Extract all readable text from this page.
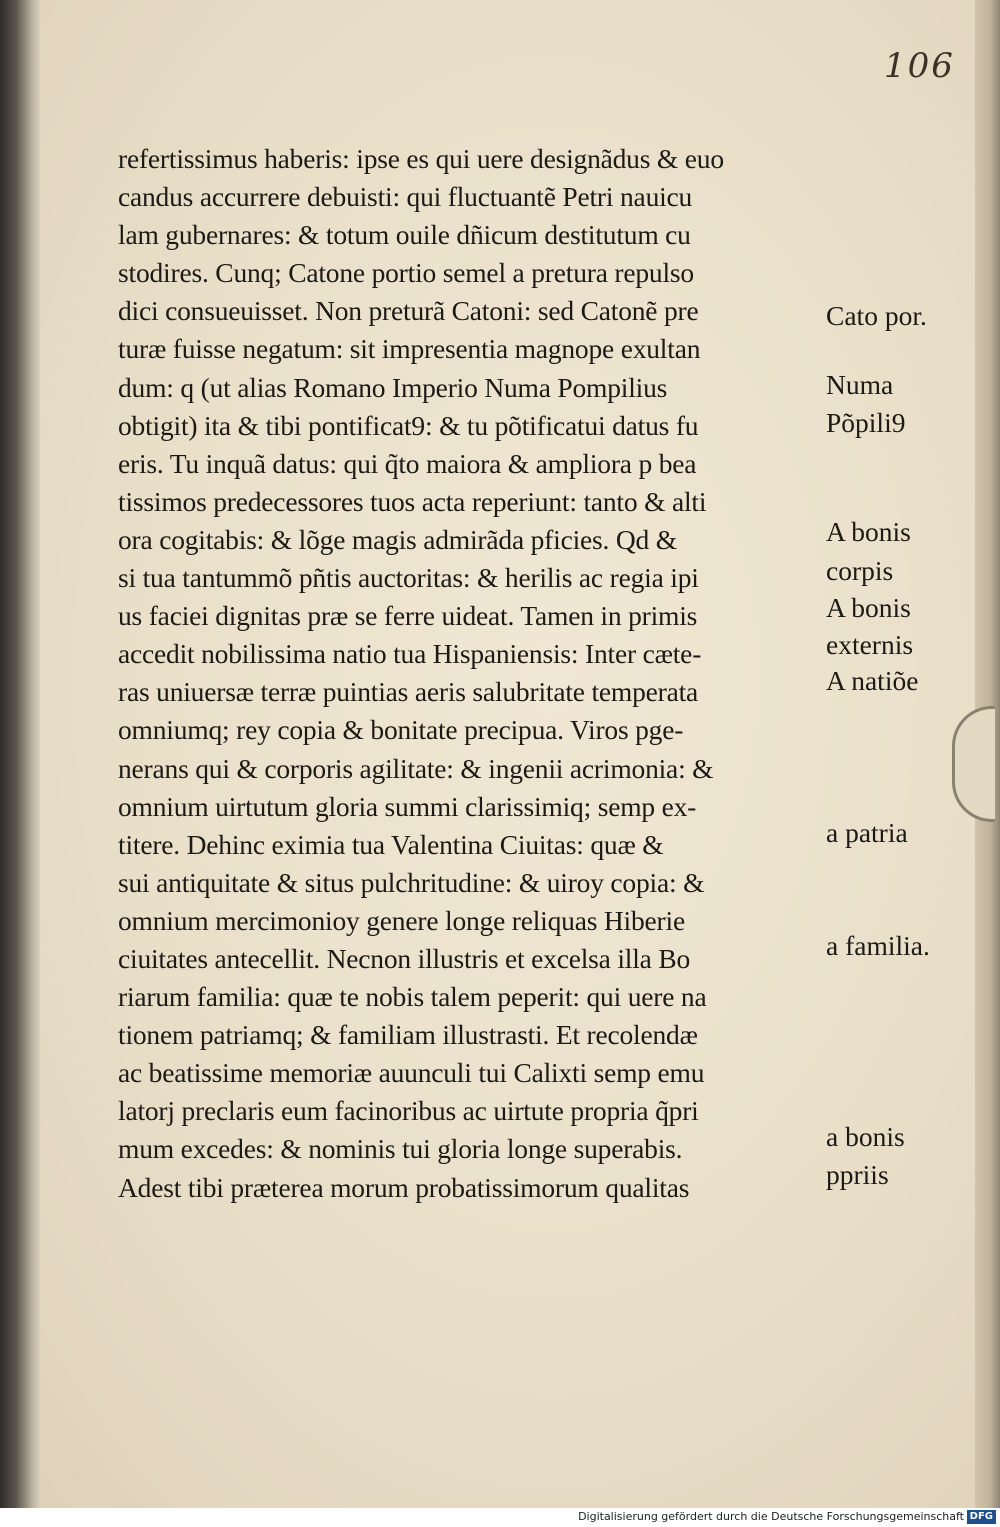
106
refertissimus haberis: ipse es qui uere designãdus & euo
candus accurrere debuisti: qui fluctuantẽ Petri nauicu
lam gubernares: & totum ouile dñicum destitutum cu
stodires. Cunq; Catone portio semel a pretura repulso
dici consueuisset. Non preturã Catoni: sed Catonẽ pre
turæ fuisse negatum: sit impresentia magnope exultan
dum: q (ut alias Romano Imperio Numa Pompilius
obtigit) ita & tibi pontificat9: & tu põtificatui datus fu
eris. Tu inquã datus: qui q̃to maiora & ampliora p bea
tissimos predecessores tuos acta reperiunt: tanto & alti
ora cogitabis: & lõge magis admirãda pficies. Qd &
si tua tantummõ pñtis auctoritas: & herilis ac regia ipi
us faciei dignitas præ se ferre uideat. Tamen in primis
accedit nobilissima natio tua Hispaniensis: Inter cæte-
ras uniuersæ terræ puintias aeris salubritate temperata
omniumq; rey copia & bonitate precipua. Viros pge-
nerans qui & corporis agilitate: & ingenii acrimonia: &
omnium uirtutum gloria summi clarissimiq; semp ex-
titere. Dehinc eximia tua Valentina Ciuitas: quæ &
sui antiquitate & situs pulchritudine: & uiroy copia: &
omnium mercimonioy genere longe reliquas Hiberie
ciuitates antecellit. Necnon illustris et excelsa illa Bo
riarum familia: quæ te nobis talem peperit: qui uere na
tionem patriamq; & familiam illustrasti. Et recolendæ
ac beatissime memoriæ auunculi tui Calixti semp emu
latorj preclaris eum facinoribus ac uirtute propria q̃pri
mum excedes: & nominis tui gloria longe superabis.
Adest tibi præterea morum probatissimorum qualitas
Cato por.
Numa
Põpili9
A bonis
corpis
A bonis
externis
A natiõe
a patria
a familia.
a bonis
ppriis
Digitalisierung gefördert durch die Deutsche Forschungsgemeinschaft DFG
